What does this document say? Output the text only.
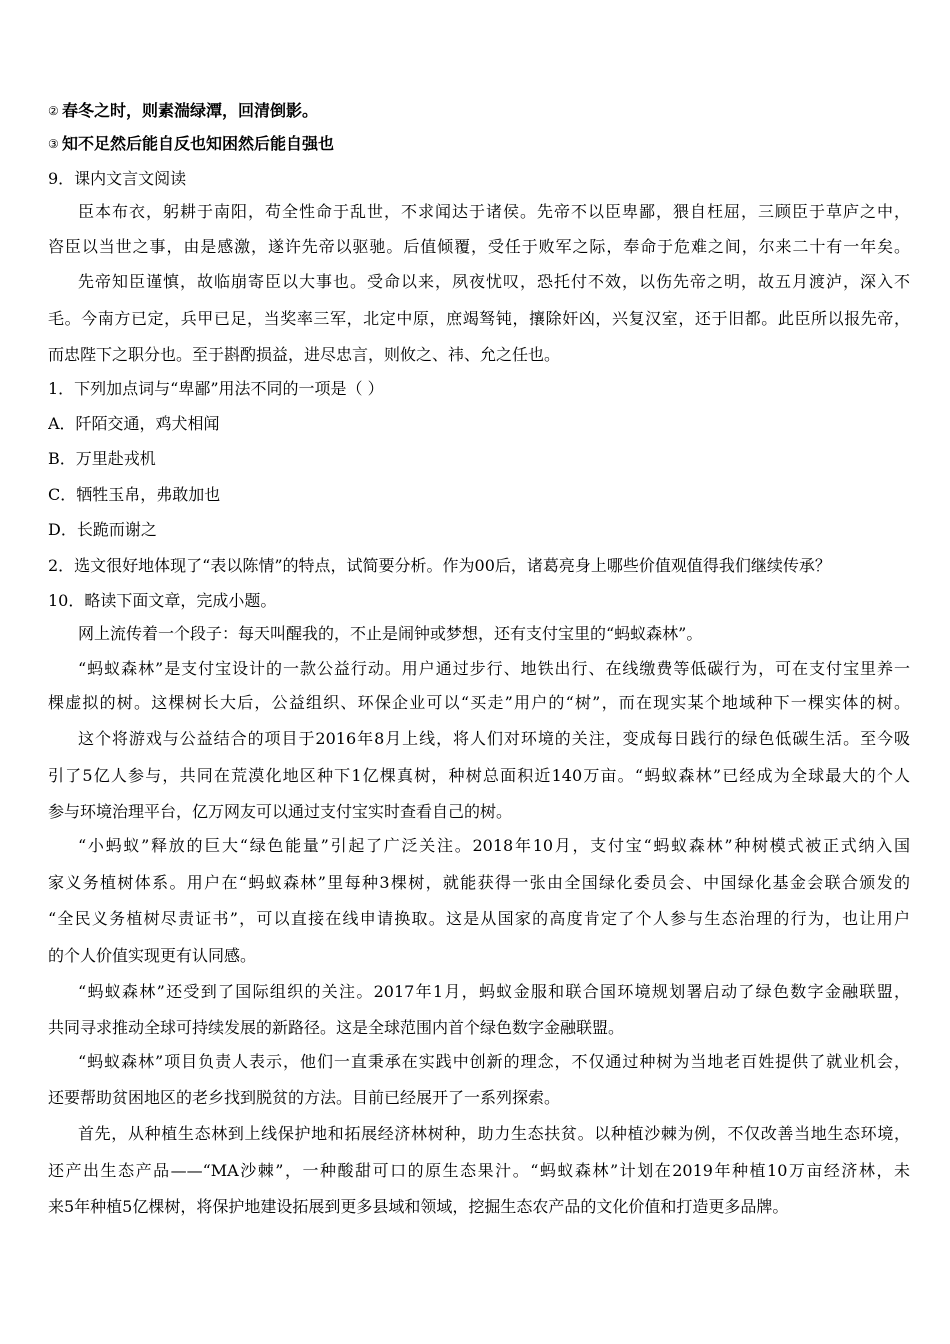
② 春冬之时，则素湍绿潭，回清倒影。
③ 知不足然后能自反也知困然后能自强也
9．课内文言文阅读
臣本布衣，躬耕于南阳，苟全性命于乱世，不求闻达于诸侯。先帝不以臣卑鄙，猥自枉屈，三顾臣于草庐之中，
咨臣以当世之事，由是感激，遂许先帝以驱驰。后值倾覆，受任于败军之际，奉命于危难之间，尔来二十有一年矣。
先帝知臣谨慎，故临崩寄臣以大事也。受命以来，夙夜忧叹，恐托付不效，以伤先帝之明，故五月渡泸，深入不
毛。今南方已定，兵甲已足，当奖率三军，北定中原，庶竭驽钝，攘除奸凶，兴复汉室，还于旧都。此臣所以报先帝，
而忠陛下之职分也。至于斟酌损益，进尽忠言，则攸之、祎、允之任也。
1．下列加点词与“卑鄙”用法不同的一项是（ ）
A．阡陌交通，鸡犬相闻
B．万里赴戎机
C．牺牲玉帛，弗敢加也
D．长跪而谢之
2．选文很好地体现了“表以陈情”的特点，试简要分析。作为00后，诸葛亮身上哪些价值观值得我们继续传承？
10．略读下面文章，完成小题。
网上流传着一个段子：每天叫醒我的，不止是闹钟或梦想，还有支付宝里的“蚂蚁森林”。
“蚂蚁森林”是支付宝设计的一款公益行动。用户通过步行、地铁出行、在线缴费等低碳行为，可在支付宝里养一
棵虚拟的树。这棵树长大后，公益组织、环保企业可以“买走”用户的“树”，而在现实某个地域种下一棵实体的树。
这个将游戏与公益结合的项目于2016年8月上线，将人们对环境的关注，变成每日践行的绿色低碳生活。至今吸
引了5亿人参与，共同在荒漠化地区种下1亿棵真树，种树总面积近140万亩。“蚂蚁森林”已经成为全球最大的个人
参与环境治理平台，亿万网友可以通过支付宝实时查看自己的树。
“小蚂蚁”释放的巨大“绿色能量”引起了广泛关注。2018年10月，支付宝“蚂蚁森林”种树模式被正式纳入国
家义务植树体系。用户在“蚂蚁森林”里每种3棵树，就能获得一张由全国绿化委员会、中国绿化基金会联合颁发的
“全民义务植树尽责证书”，可以直接在线申请换取。这是从国家的高度肯定了个人参与生态治理的行为，也让用户
的个人价值实现更有认同感。
“蚂蚁森林”还受到了国际组织的关注。2017年1月，蚂蚁金服和联合国环境规划署启动了绿色数字金融联盟，
共同寻求推动全球可持续发展的新路径。这是全球范围内首个绿色数字金融联盟。
“蚂蚁森林”项目负责人表示，他们一直秉承在实践中创新的理念，不仅通过种树为当地老百姓提供了就业机会，
还要帮助贫困地区的老乡找到脱贫的方法。目前已经展开了一系列探索。
首先，从种植生态林到上线保护地和拓展经济林树种，助力生态扶贫。以种植沙棘为例，不仅改善当地生态环境，
还产出生态产品——“MA沙棘”，一种酸甜可口的原生态果汁。“蚂蚁森林”计划在2019年种植10万亩经济林，未
来5年种植5亿棵树，将保护地建设拓展到更多县域和领域，挖掘生态农产品的文化价值和打造更多品牌。
